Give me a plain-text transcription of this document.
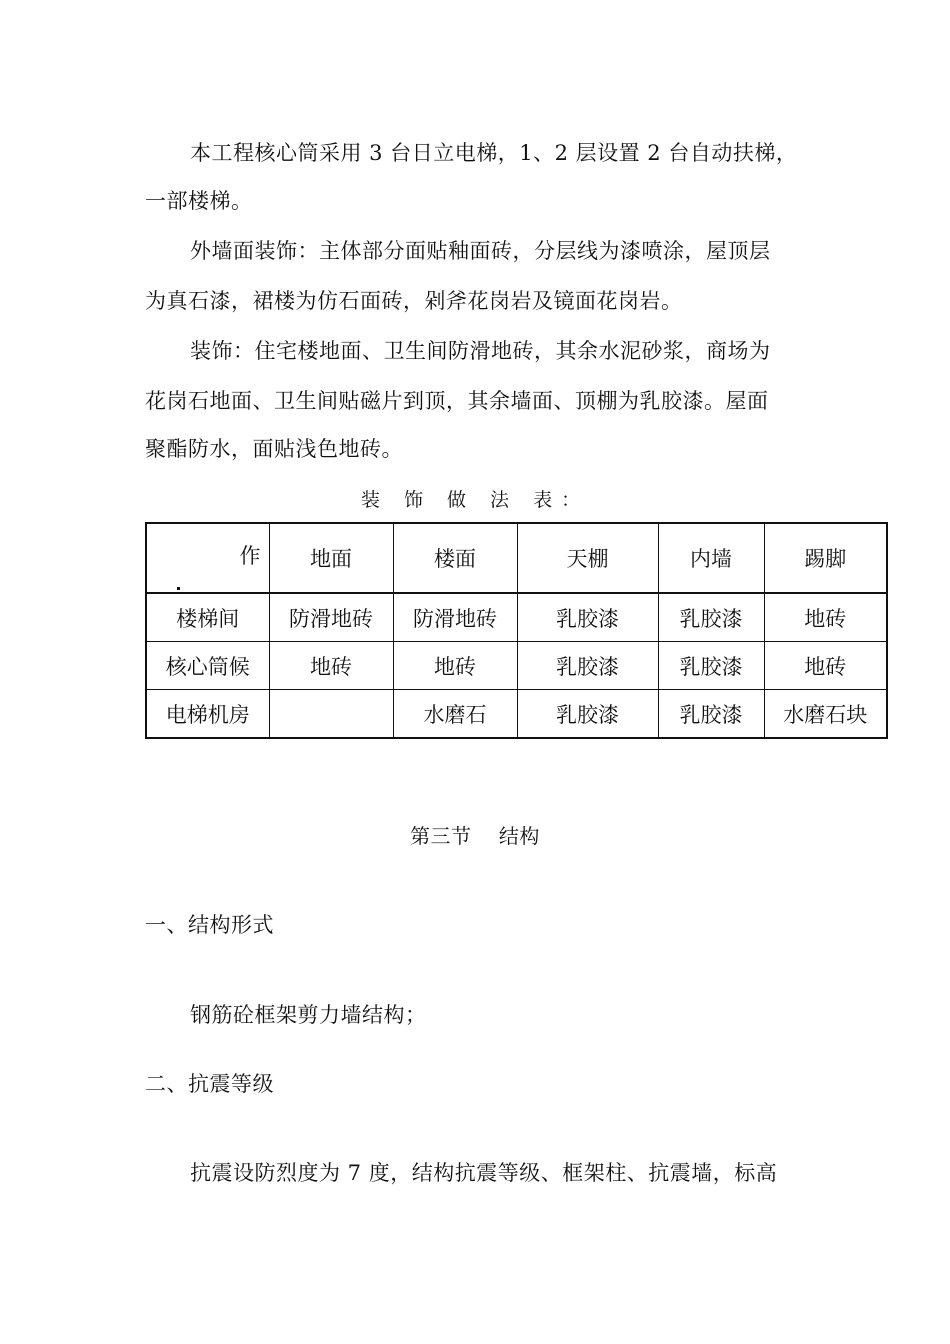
本工程核心筒采用 3 台日立电梯，1、2 层设置 2 台自动扶梯，
一部楼梯。
外墙面装饰：主体部分面贴釉面砖，分层线为漆喷涂，屋顶层
为真石漆，裙楼为仿石面砖，剁斧花岗岩及镜面花岗岩。
装饰：住宅楼地面、卫生间防滑地砖，其余水泥砂浆，商场为
花岗石地面、卫生间贴磁片到顶，其余墙面、顶棚为乳胶漆。屋面
聚酯防水，面贴浅色地砖。
装 饰 做 法 表：
作	地面	楼面	天棚	内墙	踢脚
楼梯间	防滑地砖	防滑地砖	乳胶漆	乳胶漆	地砖
核心筒候	地砖	地砖	乳胶漆	乳胶漆	地砖
电梯机房		水磨石	乳胶漆	乳胶漆	水磨石块
第三节　 结构
一、结构形式
钢筋砼框架剪力墙结构；
二、抗震等级
抗震设防烈度为 7 度，结构抗震等级、框架柱、抗震墙，标高
